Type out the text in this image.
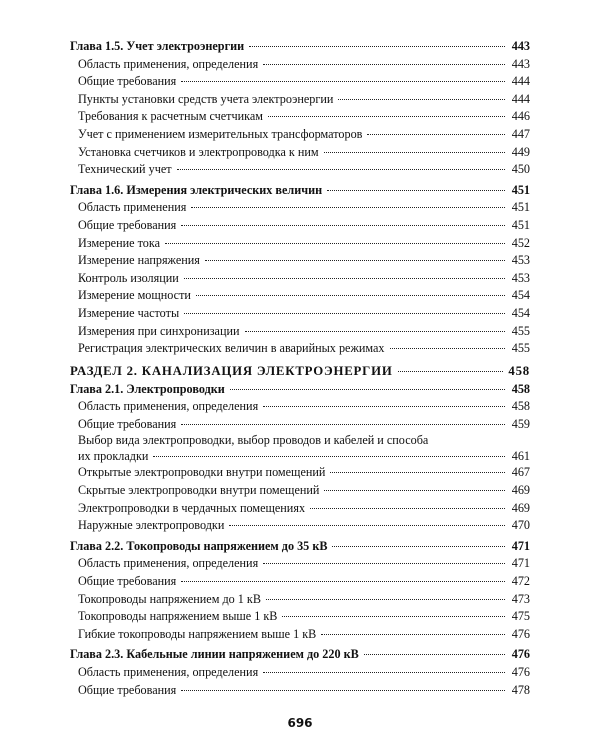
Глава 1.5. Учет электроэнергии	443
Область применения, определения	443
Общие требования	444
Пункты установки средств учета электроэнергии	444
Требования к расчетным счетчикам	446
Учет с применением измерительных трансформаторов	447
Установка счетчиков и электропроводка к ним	449
Технический учет	450
Глава 1.6. Измерения электрических величин	451
Область применения	451
Общие требования	451
Измерение тока	452
Измерение напряжения	453
Контроль изоляции	453
Измерение мощности	454
Измерение частоты	454
Измерения при синхронизации	455
Регистрация электрических величин в аварийных режимах	455
РАЗДЕЛ 2. КАНАЛИЗАЦИЯ ЭЛЕКТРОЭНЕРГИИ	458
Глава 2.1. Электропроводки	458
Область применения, определения	458
Общие требования	459
Выбор вида электропроводки, выбор проводов и кабелей и способа
их прокладки	461
Открытые электропроводки внутри помещений	467
Скрытые электропроводки внутри помещений	469
Электропроводки в чердачных помещениях	469
Наружные электропроводки	470
Глава 2.2. Токопроводы напряжением до 35 кВ	471
Область применения, определения	471
Общие требования	472
Токопроводы напряжением до 1 кВ	473
Токопроводы напряжением выше 1 кВ	475
Гибкие токопроводы напряжением выше 1 кВ	476
Глава 2.3. Кабельные линии напряжением до 220 кВ	476
Область применения, определения	476
Общие требования	478
696
